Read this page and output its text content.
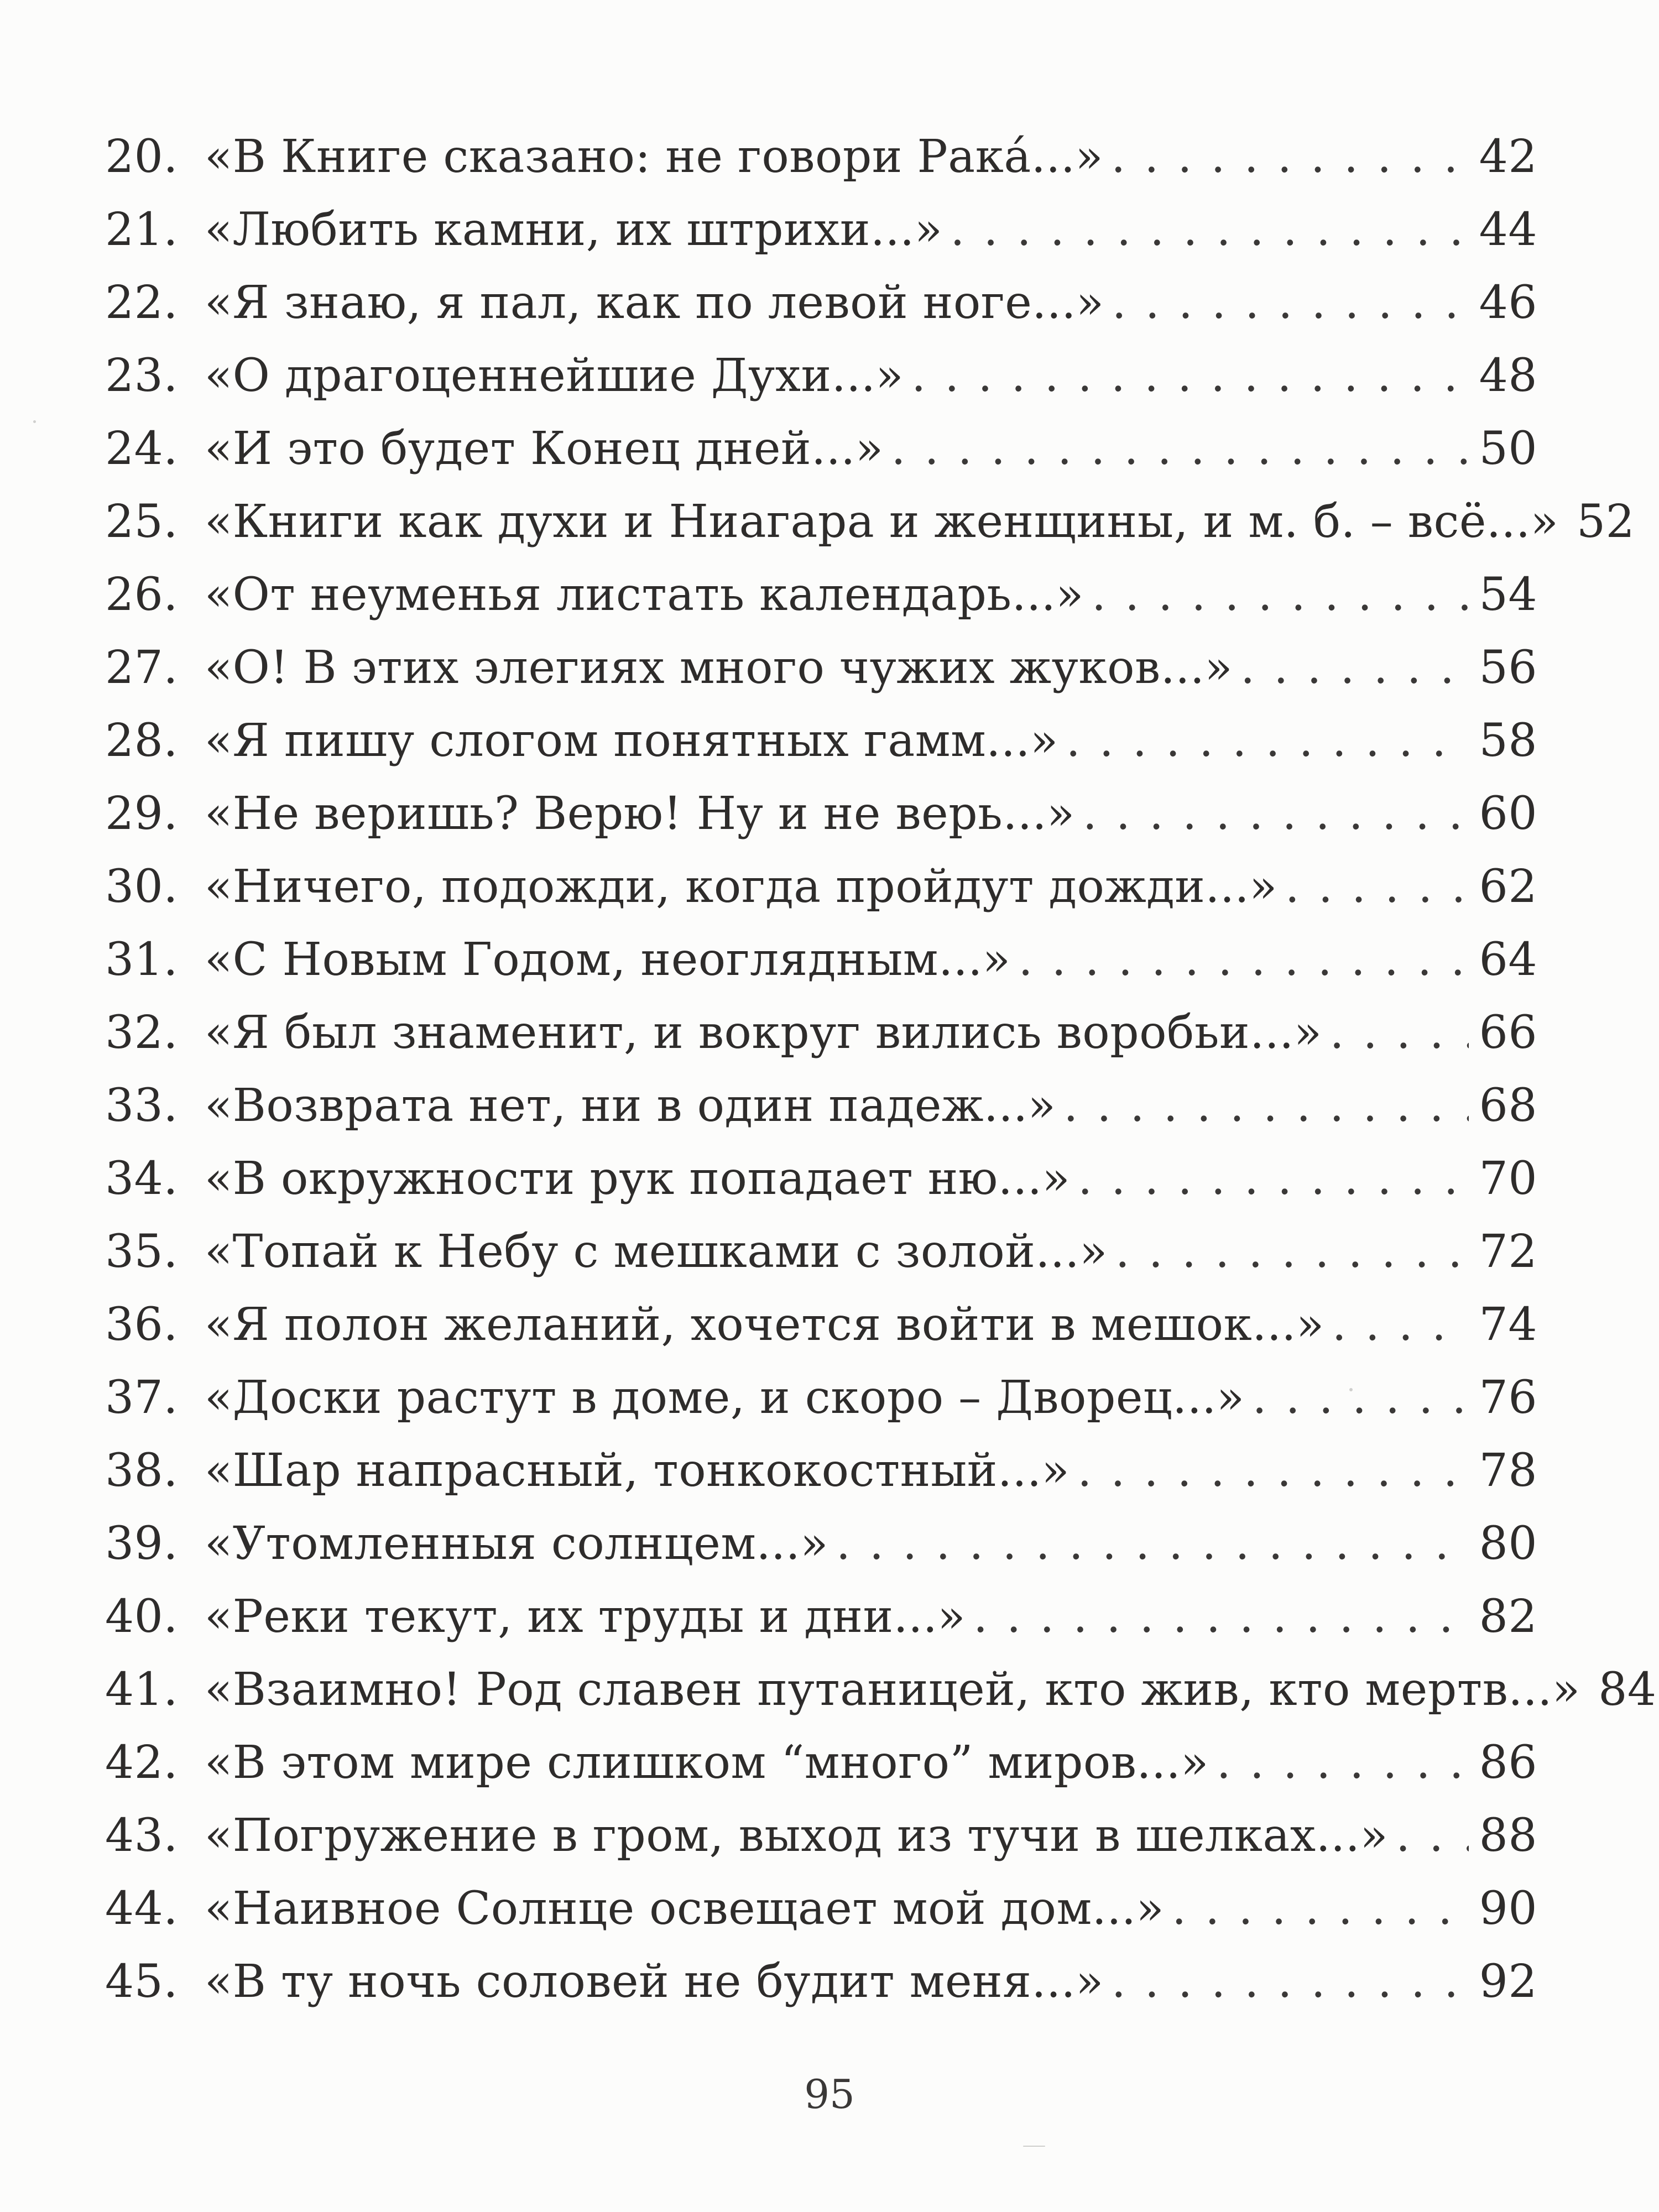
20. «В Книге сказано: не говори Рака́...» . . .	42
21. «Любить камни, их штрихи...» . . .	44
22. «Я знаю, я пал, как по левой ноге...» . . .	46
23. «О драгоценнейшие Духи...» . . .	48
24. «И это будет Конец дней...» . . .	50
25. «Книги как духи и Ниагара и женщины, и м. б. – всё...» 52
26. «От неуменья листать календарь...» . . .	54
27. «О! В этих элегиях много чужих жуков...» . . .	56
28. «Я пишу слогом понятных гамм...» . . .	58
29. «Не веришь? Верю! Ну и не верь...» . . .	60
30. «Ничего, подожди, когда пройдут дожди...» . . .	62
31. «С Новым Годом, неоглядным...» . . .	64
32. «Я был знаменит, и вокруг вились воробьи...» . . .	66
33. «Возврата нет, ни в один падеж...» . . .	68
34. «В окружности рук попадает ню...» . . .	70
35. «Топай к Небу с мешками с золой...» . . .	72
36. «Я полон желаний, хочется войти в мешок...» . . .	74
37. «Доски растут в доме, и скоро – Дворец...» . . .	76
38. «Шар напрасный, тонкокостный...» . . .	78
39. «Утомленныя солнцем...» . . .	80
40. «Реки текут, их труды и дни...» . . .	82
41. «Взаимно! Род славен путаницей, кто жив, кто мертв...» 84
42. «В этом мире слишком “много” миров...» . . .	86
43. «Погружение в гром, выход из тучи в шелках...» . . . 88
44. «Наивное Солнце освещает мой дом...» . . .	90
45. «В ту ночь соловей не будит меня...» . . .	92
95
